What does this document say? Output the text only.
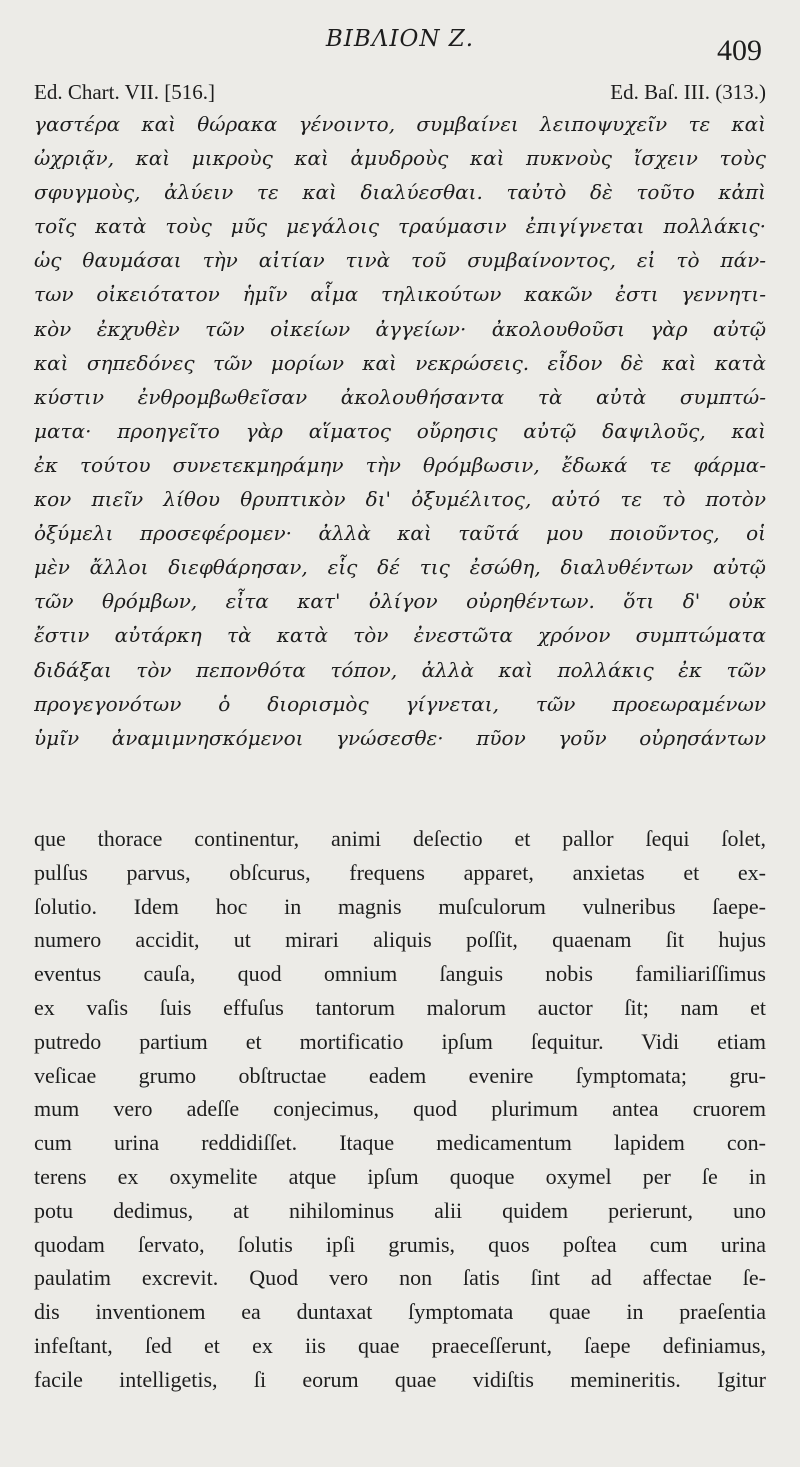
ΒΙΒΛΙΟΝ Ζ.	409
Ed. Chart. VII. [516.]	Ed. Baſ. III. (313.)
γαστέρα καὶ θώρακα γένοιντο, συμβαίνει λειποψυχεῖν τε καὶ
ὠχριᾷν, καὶ μικροὺς καὶ ἀμυδροὺς καὶ πυκνοὺς ἴσχειν τοὺς
σφυγμοὺς, ἀλύειν τε καὶ διαλύεσθαι. ταὐτὸ δὲ τοῦτο κἀπὶ
τοῖς κατὰ τοὺς μῦς μεγάλοις τραύμασιν ἐπιγίγνεται πολλάκις·
ὡς θαυμάσαι τὴν αἰτίαν τινὰ τοῦ συμβαίνοντος, εἰ τὸ πάν-
των οἰκειότατον ἡμῖν αἷμα τηλικούτων κακῶν ἐστι γεννητι-
κὸν ἐκχυθὲν τῶν οἰκείων ἀγγείων· ἀκολουθοῦσι γὰρ αὐτῷ
καὶ σηπεδόνες τῶν μορίων καὶ νεκρώσεις. εἶδον δὲ καὶ κατὰ
κύστιν ἐνθρομβωθεῖσαν ἀκολουθήσαντα τὰ αὐτὰ συμπτώ-
ματα· προηγεῖτο γὰρ αἵματος οὔρησις αὐτῷ δαψιλοῦς, καὶ
ἐκ τούτου συνετεκμηράμην τὴν θρόμβωσιν, ἔδωκά τε φάρμα-
κον πιεῖν λίθου θρυπτικὸν δι' ὀξυμέλιτος, αὐτό τε τὸ ποτὸν
ὀξύμελι προσεφέρομεν· ἀλλὰ καὶ ταῦτά μου ποιοῦντος, οἱ
μὲν ἄλλοι διεφθάρησαν, εἷς δέ τις ἐσώθη, διαλυθέντων αὐτῷ
τῶν θρόμβων, εἶτα κατ' ὀλίγον οὐρηθέντων. ὅτι δ' οὐκ
ἔστιν αὐτάρκη τὰ κατὰ τὸν ἐνεστῶτα χρόνον συμπτώματα
διδάξαι τὸν πεπονθότα τόπον, ἀλλὰ καὶ πολλάκις ἐκ τῶν
προγεγονότων ὁ διορισμὸς γίγνεται, τῶν προεωραμένων
ὑμῖν ἀναμιμνησκόμενοι γνώσεσθε· πῦον γοῦν οὐρησάντων
que thorace continentur, animi deſectio et pallor ſequi ſolet,
pulſus parvus, obſcurus, frequens apparet, anxietas et ex-
ſolutio. Idem hoc in magnis muſculorum vulneribus ſaepe-
numero accidit, ut mirari aliquis poſſit, quaenam ſit hujus
eventus cauſa, quod omnium ſanguis nobis familiariſſimus
ex vaſis ſuis effuſus tantorum malorum auctor ſit; nam et
putredo partium et mortificatio ipſum ſequitur. Vidi etiam
veſicae grumo obſtructae eadem evenire ſymptomata; gru-
mum vero adeſſe conjecimus, quod plurimum antea cruorem
cum urina reddidiſſet. Itaque medicamentum lapidem con-
terens ex oxymelite atque ipſum quoque oxymel per ſe in
potu dedimus, at nihilominus alii quidem perierunt, uno
quodam ſervato, ſolutis ipſi grumis, quos poſtea cum urina
paulatim excrevit. Quod vero non ſatis ſint ad affectae ſe-
dis inventionem ea duntaxat ſymptomata quae in praeſentia
infeſtant, ſed et ex iis quae praeceſſerunt, ſaepe definiamus,
facile intelligetis, ſi eorum quae vidiſtis memineritis. Igitur
